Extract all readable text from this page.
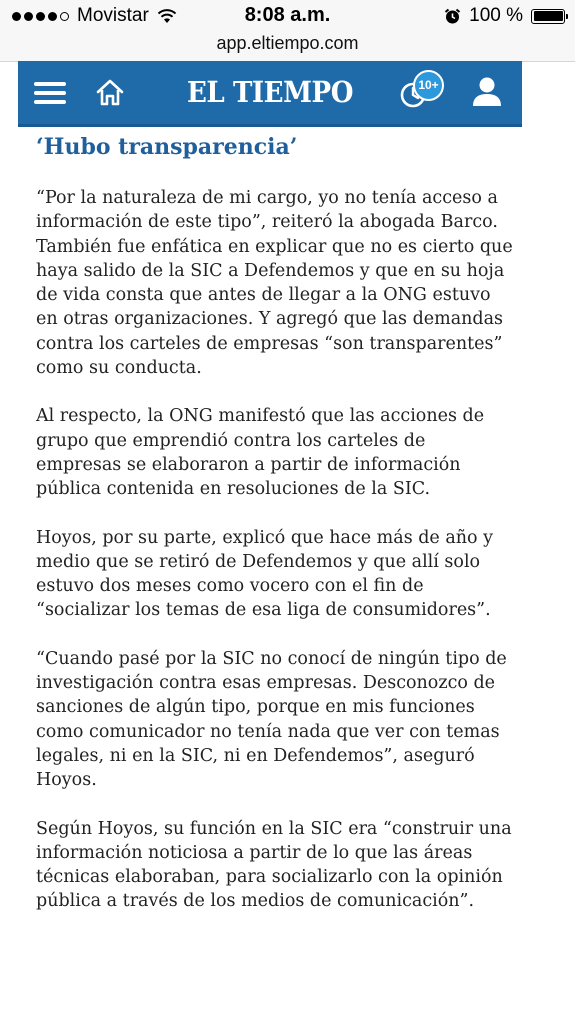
Movistar	8:08 a.m.	100 %
app.eltiempo.com
EL TIEMPO	10+
‘Hubo transparencia’

“Por la naturaleza de mi cargo, yo no tenía acceso a información de este tipo”, reiteró la abogada Barco.

También fue enfática en explicar que no es cierto que haya salido de la SIC a Defendemos y que en su hoja de vida consta que antes de llegar a la ONG estuvo en otras organizaciones. Y agregó que las demandas contra los carteles de empresas “son transparentes” como su conducta.

Al respecto, la ONG manifestó que las acciones de grupo que emprendió contra los carteles de empresas se elaboraron a partir de información pública contenida en resoluciones de la SIC.

Hoyos, por su parte, explicó que hace más de año y medio que se retiró de Defendemos y que allí solo estuvo dos meses como vocero con el fin de “socializar los temas de esa liga de consumidores”.

“Cuando pasé por la SIC no conocí de ningún tipo de investigación contra esas empresas. Desconozco de sanciones de algún tipo, porque en mis funciones como comunicador no tenía nada que ver con temas legales, ni en la SIC, ni en Defendemos”, aseguró Hoyos.

Según Hoyos, su función en la SIC era “construir una información noticiosa a partir de lo que las áreas técnicas elaboraban, para socializarlo con la opinión pública a través de los medios de comunicación”.
